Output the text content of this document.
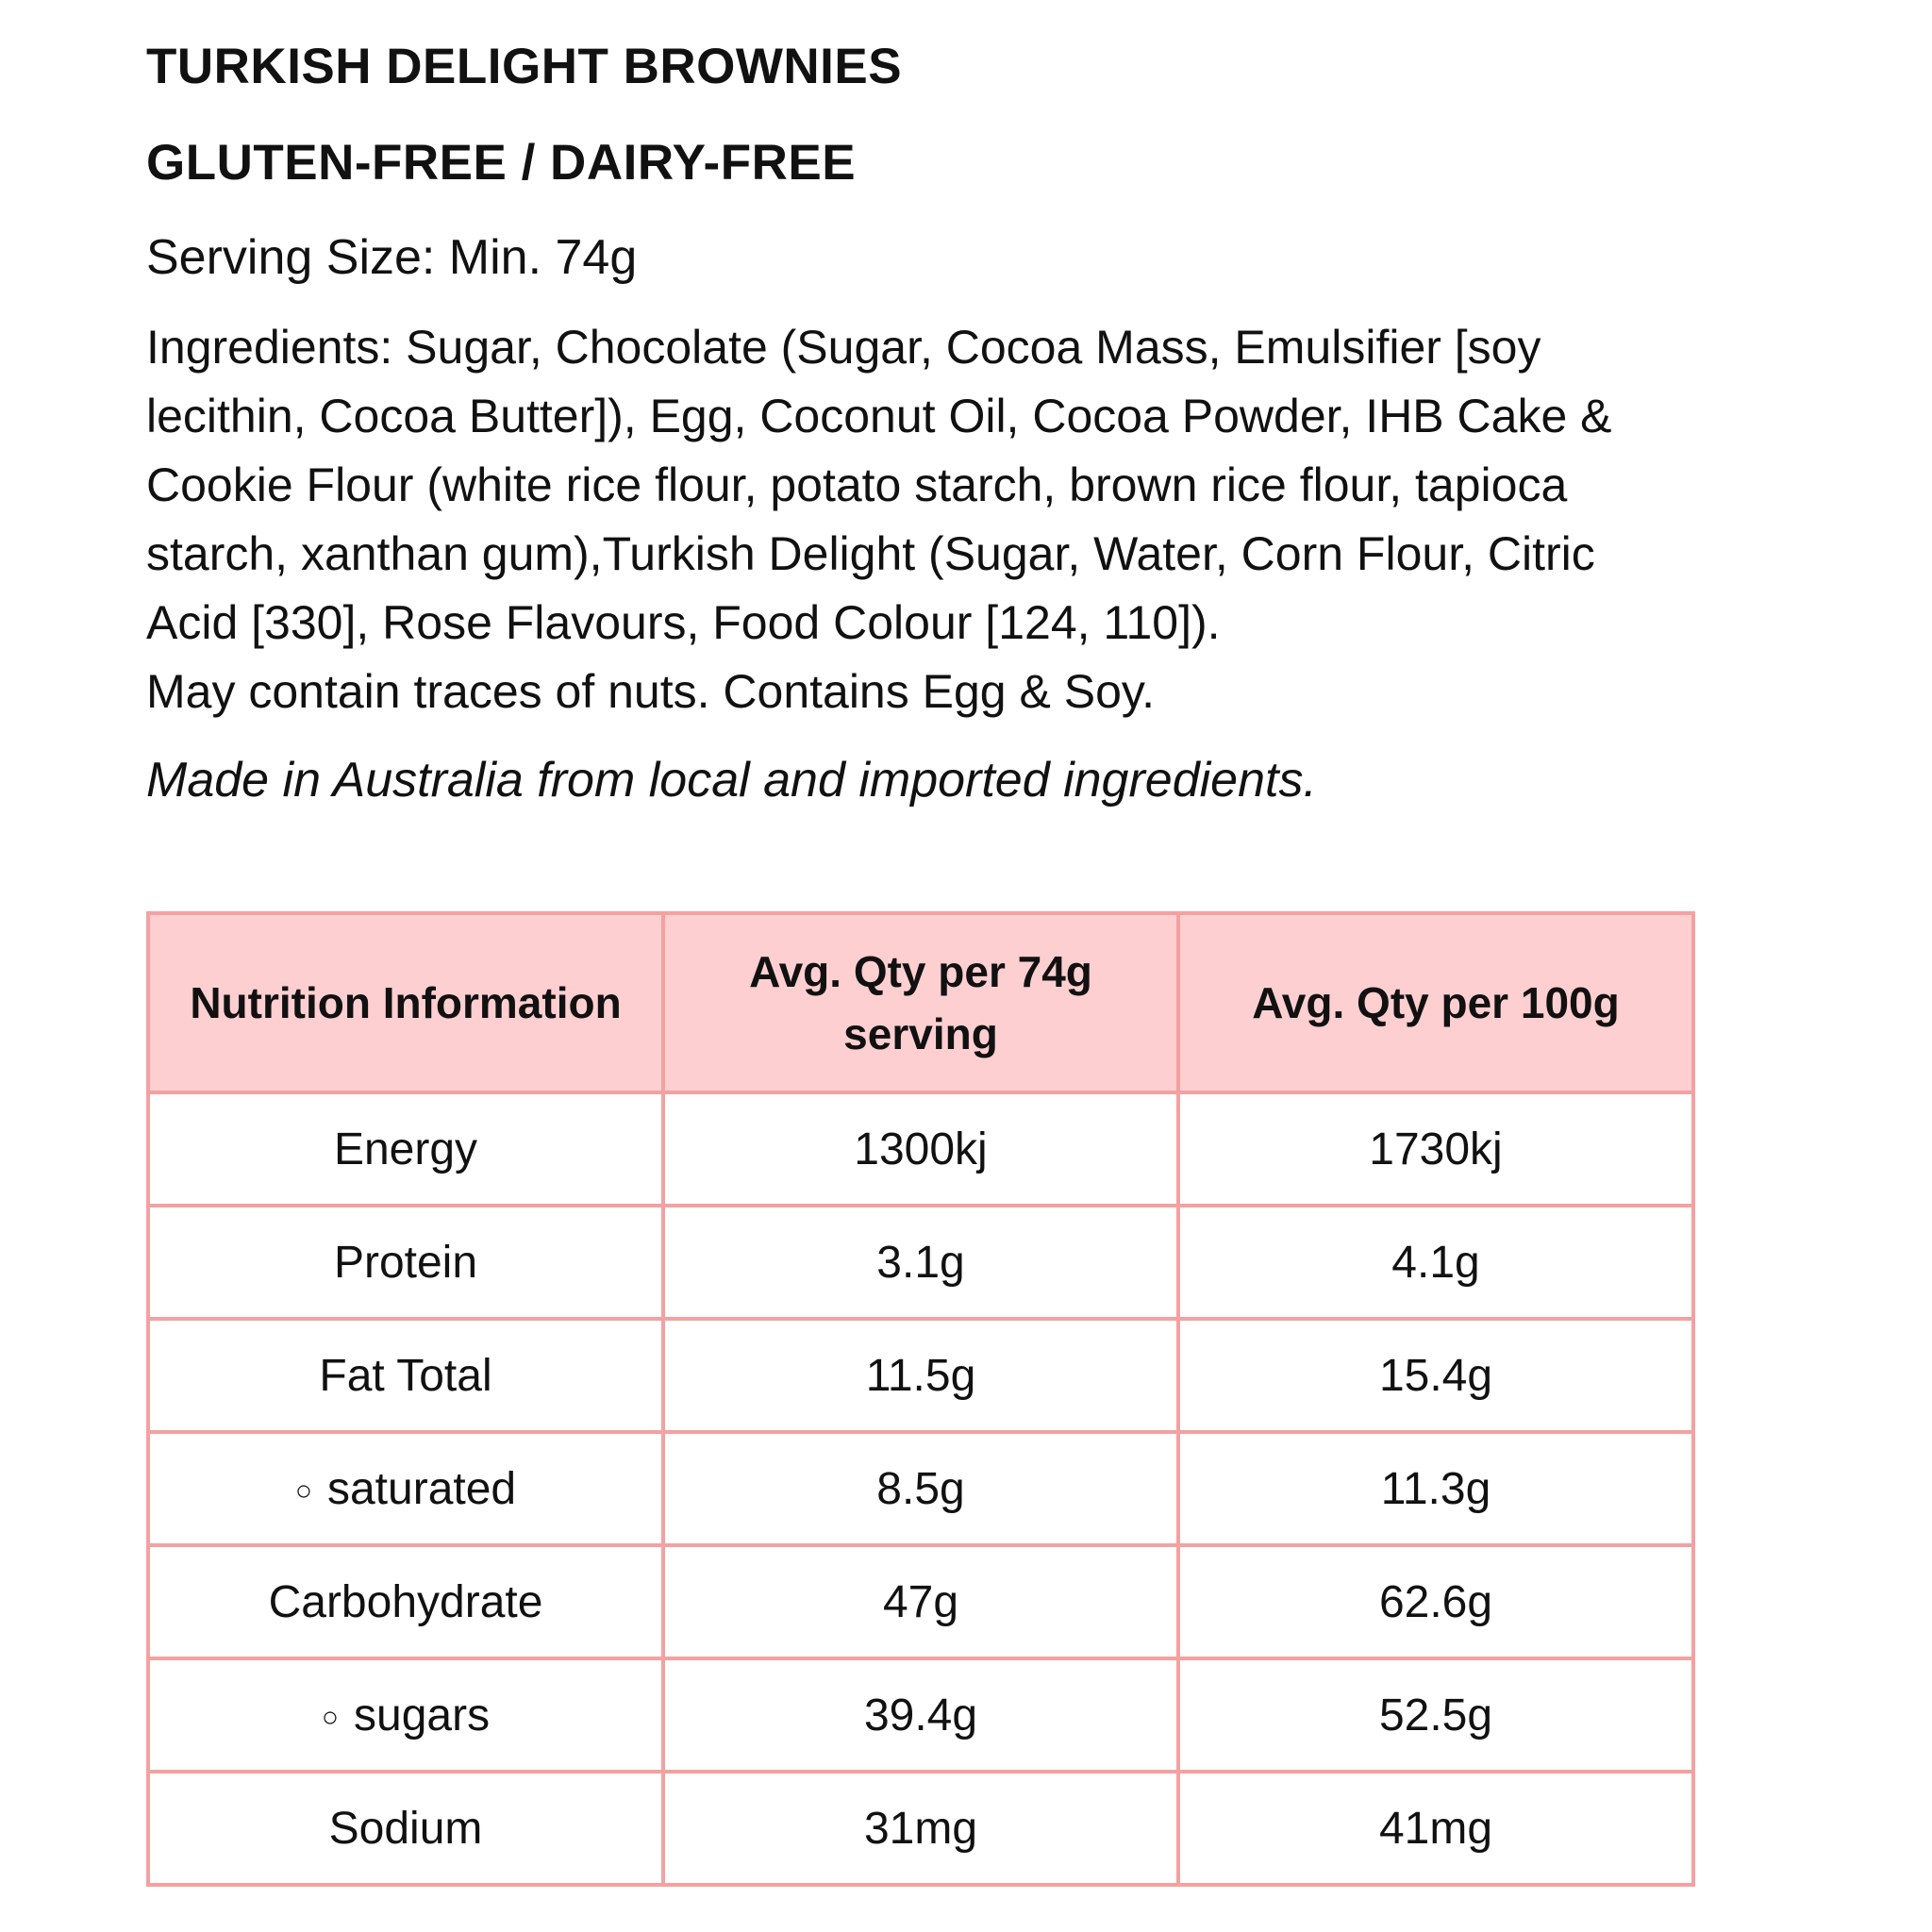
TURKISH DELIGHT BROWNIES
GLUTEN-FREE / DAIRY-FREE
Serving Size: Min. 74g

Ingredients: Sugar, Chocolate (Sugar, Cocoa Mass, Emulsifier [soy lecithin, Cocoa Butter]), Egg, Coconut Oil, Cocoa Powder, IHB Cake & Cookie Flour (white rice flour, potato starch, brown rice flour, tapioca starch, xanthan gum),Turkish Delight (Sugar, Water, Corn Flour, Citric Acid [330], Rose Flavours, Food Colour [124, 110]).

May contain traces of nuts. Contains Egg & Soy.

Made in Australia from local and imported ingredients.
Nutrition Information	Avg. Qty per 74g serving	Avg. Qty per 100g
Energy	1300kj	1730kj
Protein	3.1g	4.1g
Fat Total	11.5g	15.4g
○ saturated	8.5g	11.3g
Carbohydrate	47g	62.6g
○ sugars	39.4g	52.5g
Sodium	31mg	41mg
